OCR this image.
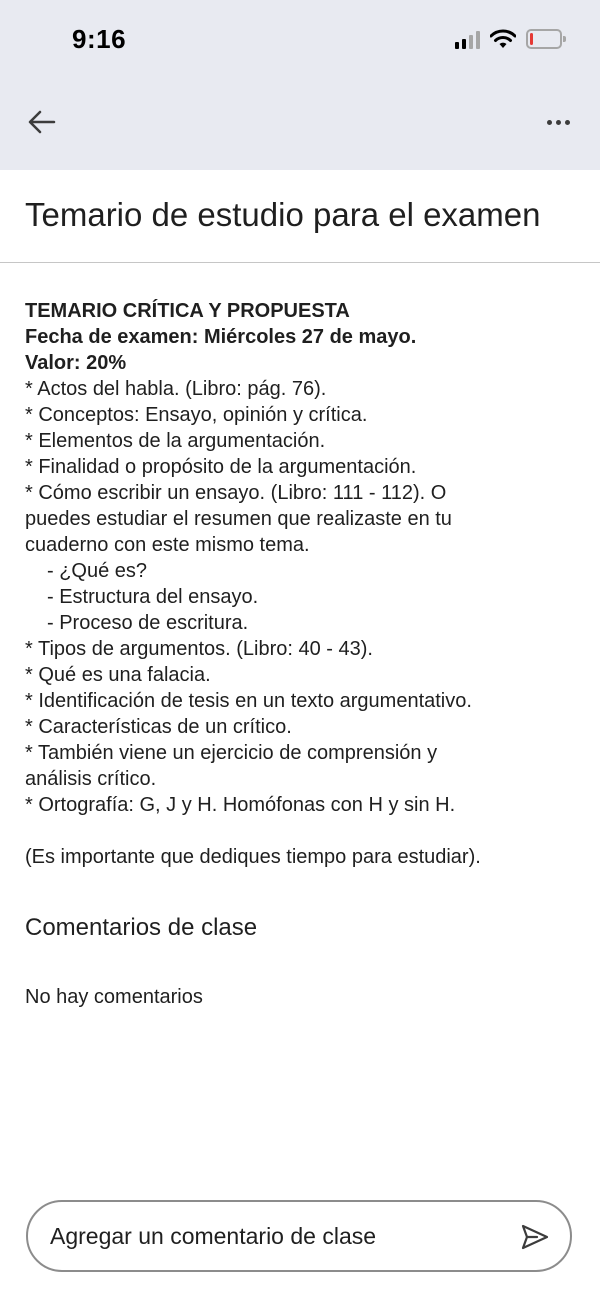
9:16
Temario de estudio para el examen
TEMARIO CRÍTICA Y PROPUESTA
Fecha de examen: Miércoles 27 de mayo.
Valor: 20%
* Actos del habla. (Libro: pág. 76).
* Conceptos: Ensayo, opinión y crítica.
* Elementos de la argumentación.
* Finalidad o propósito de la argumentación.
* Cómo escribir un ensayo. (Libro: 111 - 112). O
puedes estudiar el resumen que realizaste en tu
cuaderno con este mismo tema.
- ¿Qué es?
- Estructura del ensayo.
- Proceso de escritura.
* Tipos de argumentos. (Libro: 40 - 43).
* Qué es una falacia.
* Identificación de tesis en un texto argumentativo.
* Características de un crítico.
* También viene un ejercicio de comprensión y
análisis crítico.
* Ortografía: G, J y H. Homófonas con H y sin H.
(Es importante que dediques tiempo para estudiar).
Comentarios de clase
No hay comentarios
Agregar un comentario de clase
